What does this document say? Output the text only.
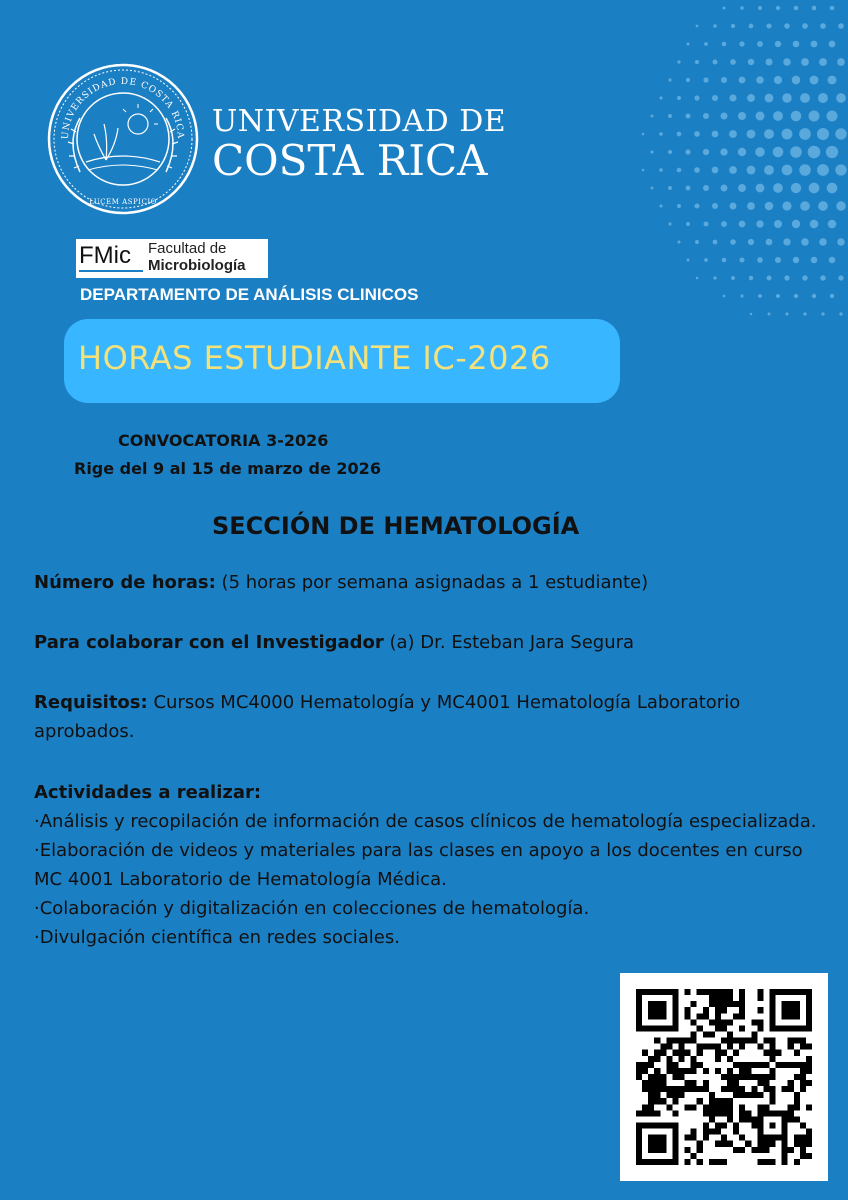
UNIVERSIDAD DE COSTA RICA
LUCEM ASPICIO
UNIVERSIDAD DE
COSTA RICA
FMic Facultad de
Microbiología
DEPARTAMENTO DE ANÁLISIS CLINICOS
HORAS ESTUDIANTE IC-2026
CONVOCATORIA 3-2026
Rige del 9 al 15 de marzo de 2026
SECCIÓN DE HEMATOLOGÍA
Número de horas: (5 horas por semana asignadas a 1 estudiante)
Para colaborar con el Investigador (a) Dr. Esteban Jara Segura
Requisitos: Cursos MC4000 Hematología y MC4001 Hematología Laboratorio aprobados.
Actividades a realizar:
·Análisis y recopilación de información de casos clínicos de hematología especializada.
·Elaboración de videos y materiales para las clases en apoyo a los docentes en curso MC 4001 Laboratorio de Hematología Médica.
·Colaboración y digitalización en colecciones de hematología.
·Divulgación científica en redes sociales.
